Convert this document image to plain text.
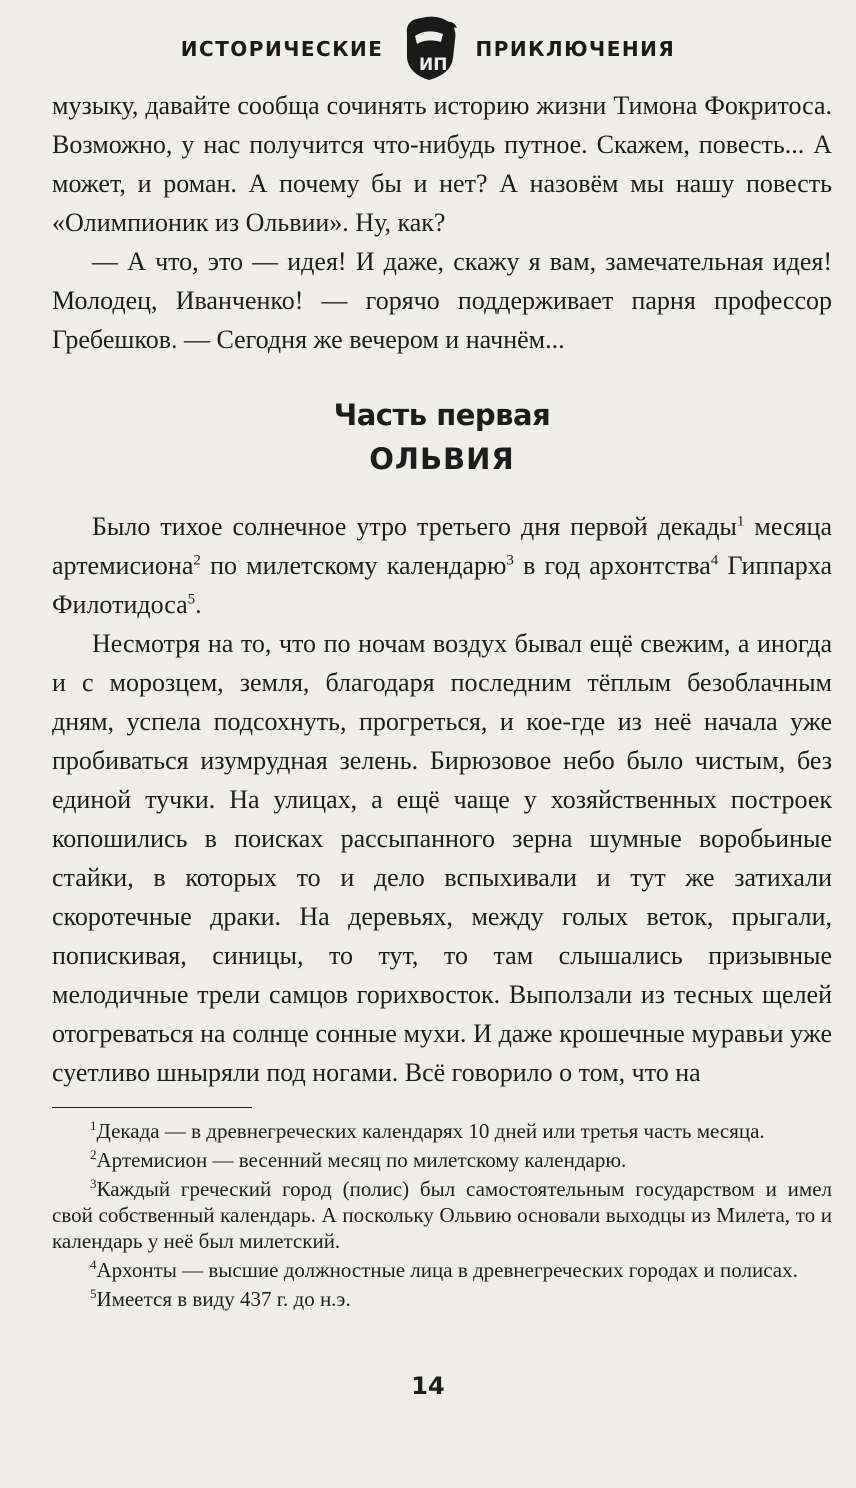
ИСТОРИЧЕСКИЕ
ИП
ПРИКЛЮЧЕНИЯ

музыку, давайте сообща сочинять историю жизни Тимона Фокритоса. Возможно, у нас получится что-нибудь путное. Скажем, повесть... А может, и роман. А почему бы и нет? А назовём мы нашу повесть «Олимпионик из Ольвии». Ну, как?

— А что, это — идея! И даже, скажу я вам, замечательная идея! Молодец, Иванченко! — горячо поддерживает парня профессор Гребешков. — Сегодня же вечером и начнём...

Часть первая
ОЛЬВИЯ

Было тихое солнечное утро третьего дня первой декады$^1$ месяца артемисиона$^2$ по милетскому календарю$^3$ в год архонтства$^4$ Гиппарха Филотидоса$^5$.

Несмотря на то, что по ночам воздух бывал ещё свежим, а иногда и с морозцем, земля, благодаря последним тёплым безоблачным дням, успела подсохнуть, прогреться, и кое-где из неё начала уже пробиваться изумрудная зелень. Бирюзовое небо было чистым, без единой тучки. На улицах, а ещё чаще у хозяйственных построек копошились в поисках рассыпанного зерна шумные воробьиные стайки, в которых то и дело вспыхивали и тут же затихали скоротечные драки. На деревьях, между голых веток, прыгали, попискивая, синицы, то тут, то там слышались призывные мелодичные трели самцов горихвосток. Выползали из тесных щелей отогреваться на солнце сонные мухи. И даже крошечные муравьи уже суетливо шныряли под ногами. Всё говорило о том, что на

$^1$Декада — в древнегреческих календарях 10 дней или третья часть месяца.

$^2$Артемисион — весенний месяц по милетскому календарю.

$^3$Каждый греческий город (полис) был самостоятельным государством и имел свой собственный календарь. А поскольку Ольвию основали выходцы из Милета, то и календарь у неё был милетский.

$^4$Архонты — высшие должностные лица в древнегреческих городах и полисах.

$^5$Имеется в виду 437 г. до н.э.

14
